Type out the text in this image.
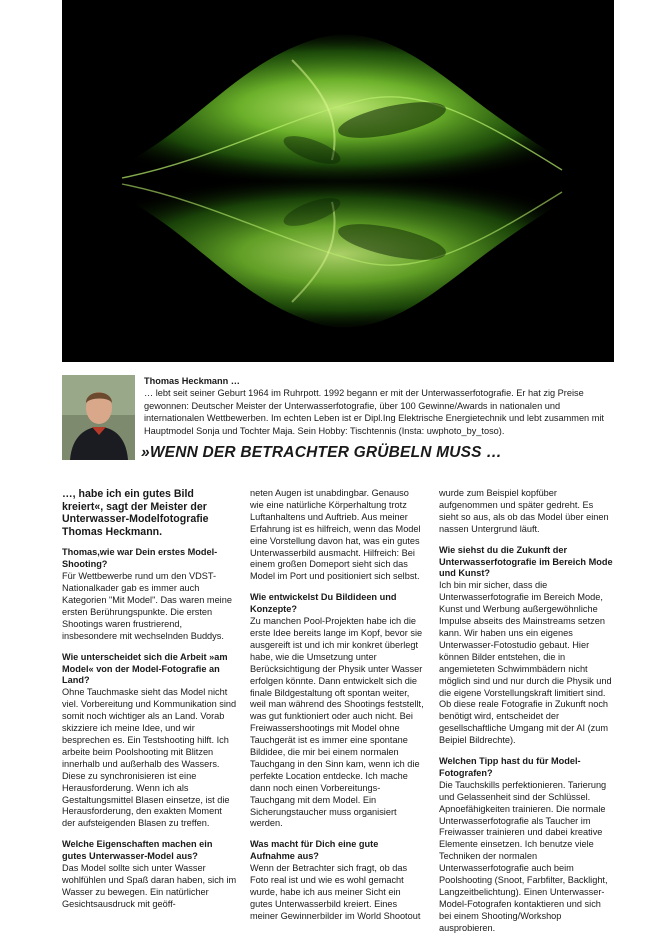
Thomas Heckmann …
… lebt seit seiner Geburt 1964 im Ruhrpott. 1992 begann er mit der Unterwasserfotografie. Er hat zig Preise gewonnen: Deutscher Meister der Unterwasserfotografie, über 100 Gewinne/Awards in nationalen und internationalen Wettbewerben. Im echten Leben ist er Dipl.Ing Elektrische Energietechnik und lebt zusammen mit Hauptmodel Sonja und Tochter Maja. Sein Hobby: Tischtennis (Insta: uwphoto_by_toso).
»WENN DER BETRACHTER GRÜBELN MUSS …

…, habe ich ein gutes Bild kreiert«, sagt der Meister der Unterwasser-Modelfotografie Thomas Heckmann.

Thomas,wie war Dein erstes Model-Shooting?

Für Wettbewerbe rund um den VDST-Nationalkader gab es immer auch Kategorien "Mit Model". Das waren meine ersten Berührungspunkte. Die ersten Shootings waren frustrierend, insbesondere mit wechselnden Buddys.

Wie unterscheidet sich die Arbeit »am Model« von der Model-Fotografie an Land?

Ohne Tauchmaske sieht das Model nicht viel. Vorbereitung und Kommunikation sind somit noch wichtiger als an Land. Vorab skizziere ich meine Idee, und wir besprechen es. Ein Testshooting hilft. Ich arbeite beim Poolshooting mit Blitzen innerhalb und außerhalb des Wassers. Diese zu synchronisieren ist eine Herausforderung. Wenn ich als Gestaltungsmittel Blasen einsetze, ist die Herausforderung, den exakten Moment der aufsteigenden Blasen zu treffen.

Welche Eigenschaften machen ein gutes Unterwasser-Model aus?

Das Model sollte sich unter Wasser wohlfühlen und Spaß daran haben, sich im Wasser zu bewegen. Ein natürlicher Gesichtsausdruck mit geöff-

neten Augen ist unabdingbar. Genauso wie eine natürliche Körperhaltung trotz Luftanhaltens und Auftrieb. Aus meiner Erfahrung ist es hilfreich, wenn das Model eine Vorstellung davon hat, was ein gutes Unterwasserbild ausmacht. Hilfreich: Bei einem großen Domeport sieht sich das Model im Port und positioniert sich selbst.

Wie entwickelst Du Bildideen und Konzepte?

Zu manchen Pool-Projekten habe ich die erste Idee bereits lange im Kopf, bevor sie ausgereift ist und ich mir konkret überlegt habe, wie die Umsetzung unter Berücksichtigung der Physik unter Wasser erfolgen könnte. Dann entwickelt sich die finale Bildgestaltung oft spontan weiter, weil man während des Shootings feststellt, was gut funktioniert oder auch nicht. Bei Freiwassershootings mit Model ohne Tauchgerät ist es immer eine spontane Bildidee, die mir bei einem normalen Tauchgang in den Sinn kam, wenn ich die perfekte Location entdecke. Ich mache dann noch einen Vorbereitungs-Tauchgang mit dem Model. Ein Sicherungstaucher muss organisiert werden.

Was macht für Dich eine gute Aufnahme aus?

Wenn der Betrachter sich fragt, ob das Foto real ist und wie es wohl gemacht wurde, habe ich aus meiner Sicht ein gutes Unterwasserbild kreiert. Eines meiner Gewinnerbilder im World Shootout

wurde zum Beispiel kopfüber aufgenommen und später gedreht. Es sieht so aus, als ob das Model über einen nassen Untergrund läuft.

Wie siehst du die Zukunft der Unterwasserfotografie im Bereich Mode und Kunst?

Ich bin mir sicher, dass die Unterwasserfotografie im Bereich Mode, Kunst und Werbung außergewöhnliche Impulse abseits des Mainstreams setzen kann. Wir haben uns ein eigenes Unterwasser-Fotostudio gebaut. Hier können Bilder entstehen, die in angemieteten Schwimmbädern nicht möglich sind und nur durch die Physik und die eigene Vorstellungskraft limitiert sind. Ob diese reale Fotografie in Zukunft noch benötigt wird, entscheidet der gesellschaftliche Umgang mit der AI (zum Beipiel Bildrechte).

Welchen Tipp hast du für Model-Fotografen?

Die Tauchskills perfektionieren. Tarierung und Gelassenheit sind der Schlüssel. Apnoefähigkeiten trainieren. Die normale Unterwasserfotografie als Taucher im Freiwasser trainieren und dabei kreative Elemente einsetzen. Ich benutze viele Techniken der normalen Unterwasserfotografie auch beim Poolshooting (Snoot, Farbfilter, Backlight, Langzeitbelichtung). Einen Unterwasser-Model-Fotografen kontaktieren und sich bei einem Shooting/Workshop ausprobieren.
